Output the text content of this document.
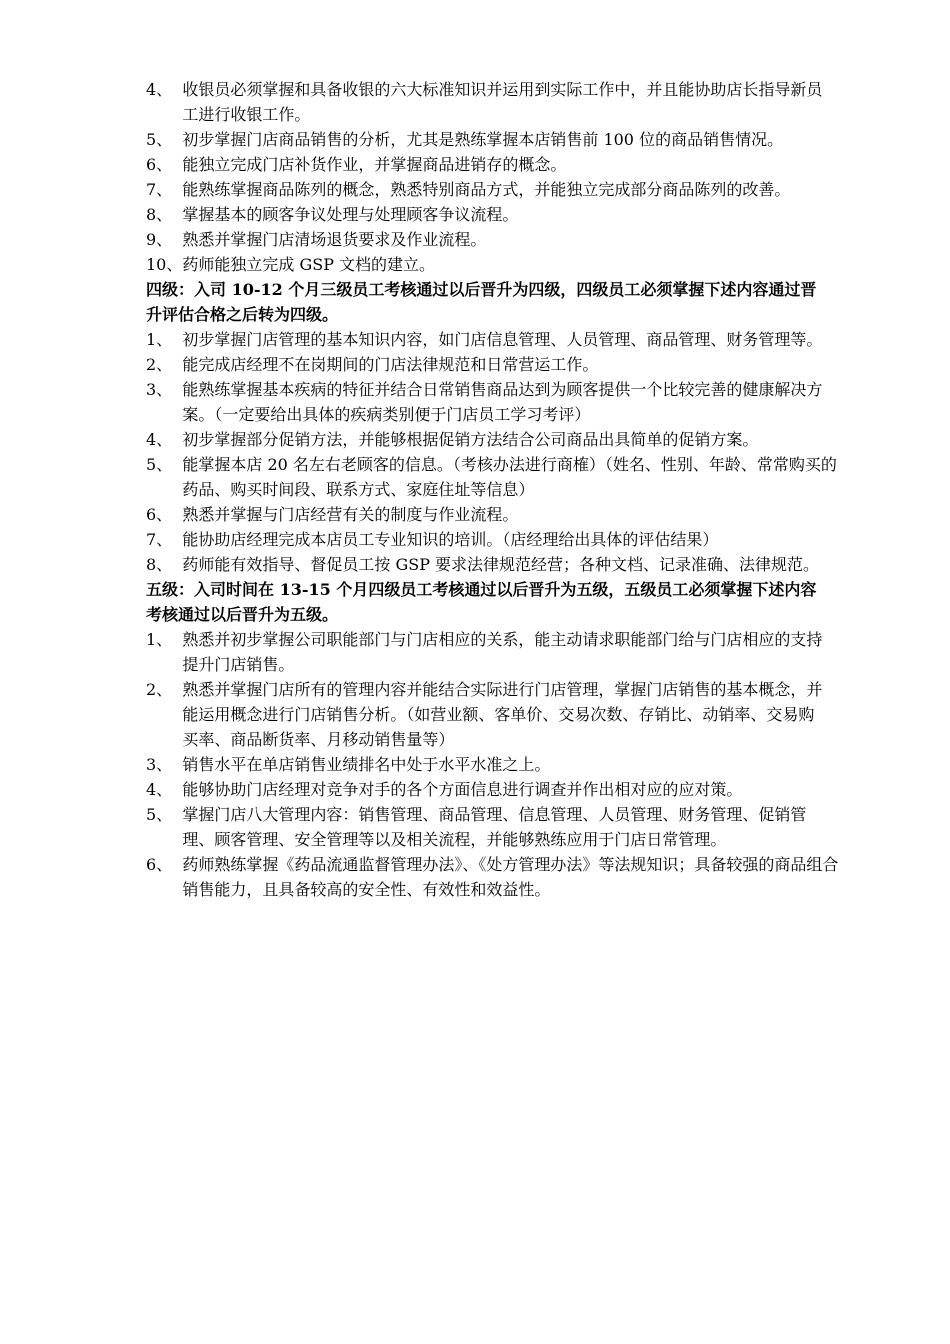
4、 收银员必须掌握和具备收银的六大标准知识并运用到实际工作中，并且能协助店长指导新员工进行收银工作。
5、 初步掌握门店商品销售的分析，尤其是熟练掌握本店销售前 100 位的商品销售情况。
6、 能独立完成门店补货作业，并掌握商品进销存的概念。
7、 能熟练掌握商品陈列的概念，熟悉特别商品方式，并能独立完成部分商品陈列的改善。
8、 掌握基本的顾客争议处理与处理顾客争议流程。
9、 熟悉并掌握门店清场退货要求及作业流程。
10、 药师能独立完成 GSP 文档的建立。
四级：入司 10-12 个月三级员工考核通过以后晋升为四级，四级员工必须掌握下述内容通过晋升评估合格之后转为四级。
1、 初步掌握门店管理的基本知识内容，如门店信息管理、人员管理、商品管理、财务管理等。
2、 能完成店经理不在岗期间的门店法律规范和日常营运工作。
3、 能熟练掌握基本疾病的特征并结合日常销售商品达到为顾客提供一个比较完善的健康解决方案。（一定要给出具体的疾病类别便于门店员工学习考评）
4、 初步掌握部分促销方法，并能够根据促销方法结合公司商品出具简单的促销方案。
5、 能掌握本店 20 名左右老顾客的信息。（考核办法进行商榷）（姓名、性别、年龄、常常购买的药品、购买时间段、联系方式、家庭住址等信息）
6、 熟悉并掌握与门店经营有关的制度与作业流程。
7、 能协助店经理完成本店员工专业知识的培训。（店经理给出具体的评估结果）
8、 药师能有效指导、督促员工按 GSP 要求法律规范经营；各种文档、记录准确、法律规范。
五级：入司时间在 13-15 个月四级员工考核通过以后晋升为五级，五级员工必须掌握下述内容考核通过以后晋升为五级。
1、 熟悉并初步掌握公司职能部门与门店相应的关系，能主动请求职能部门给与门店相应的支持提升门店销售。
2、 熟悉并掌握门店所有的管理内容并能结合实际进行门店管理，掌握门店销售的基本概念，并能运用概念进行门店销售分析。（如营业额、客单价、交易次数、存销比、动销率、交易购买率、商品断货率、月移动销售量等）
3、 销售水平在单店销售业绩排名中处于水平水准之上。
4、 能够协助门店经理对竞争对手的各个方面信息进行调查并作出相对应的应对策。
5、 掌握门店八大管理内容：销售管理、商品管理、信息管理、人员管理、财务管理、促销管理、顾客管理、安全管理等以及相关流程，并能够熟练应用于门店日常管理。
6、 药师熟练掌握《药品流通监督管理办法》、《处方管理办法》等法规知识；具备较强的商品组合销售能力，且具备较高的安全性、有效性和效益性。
